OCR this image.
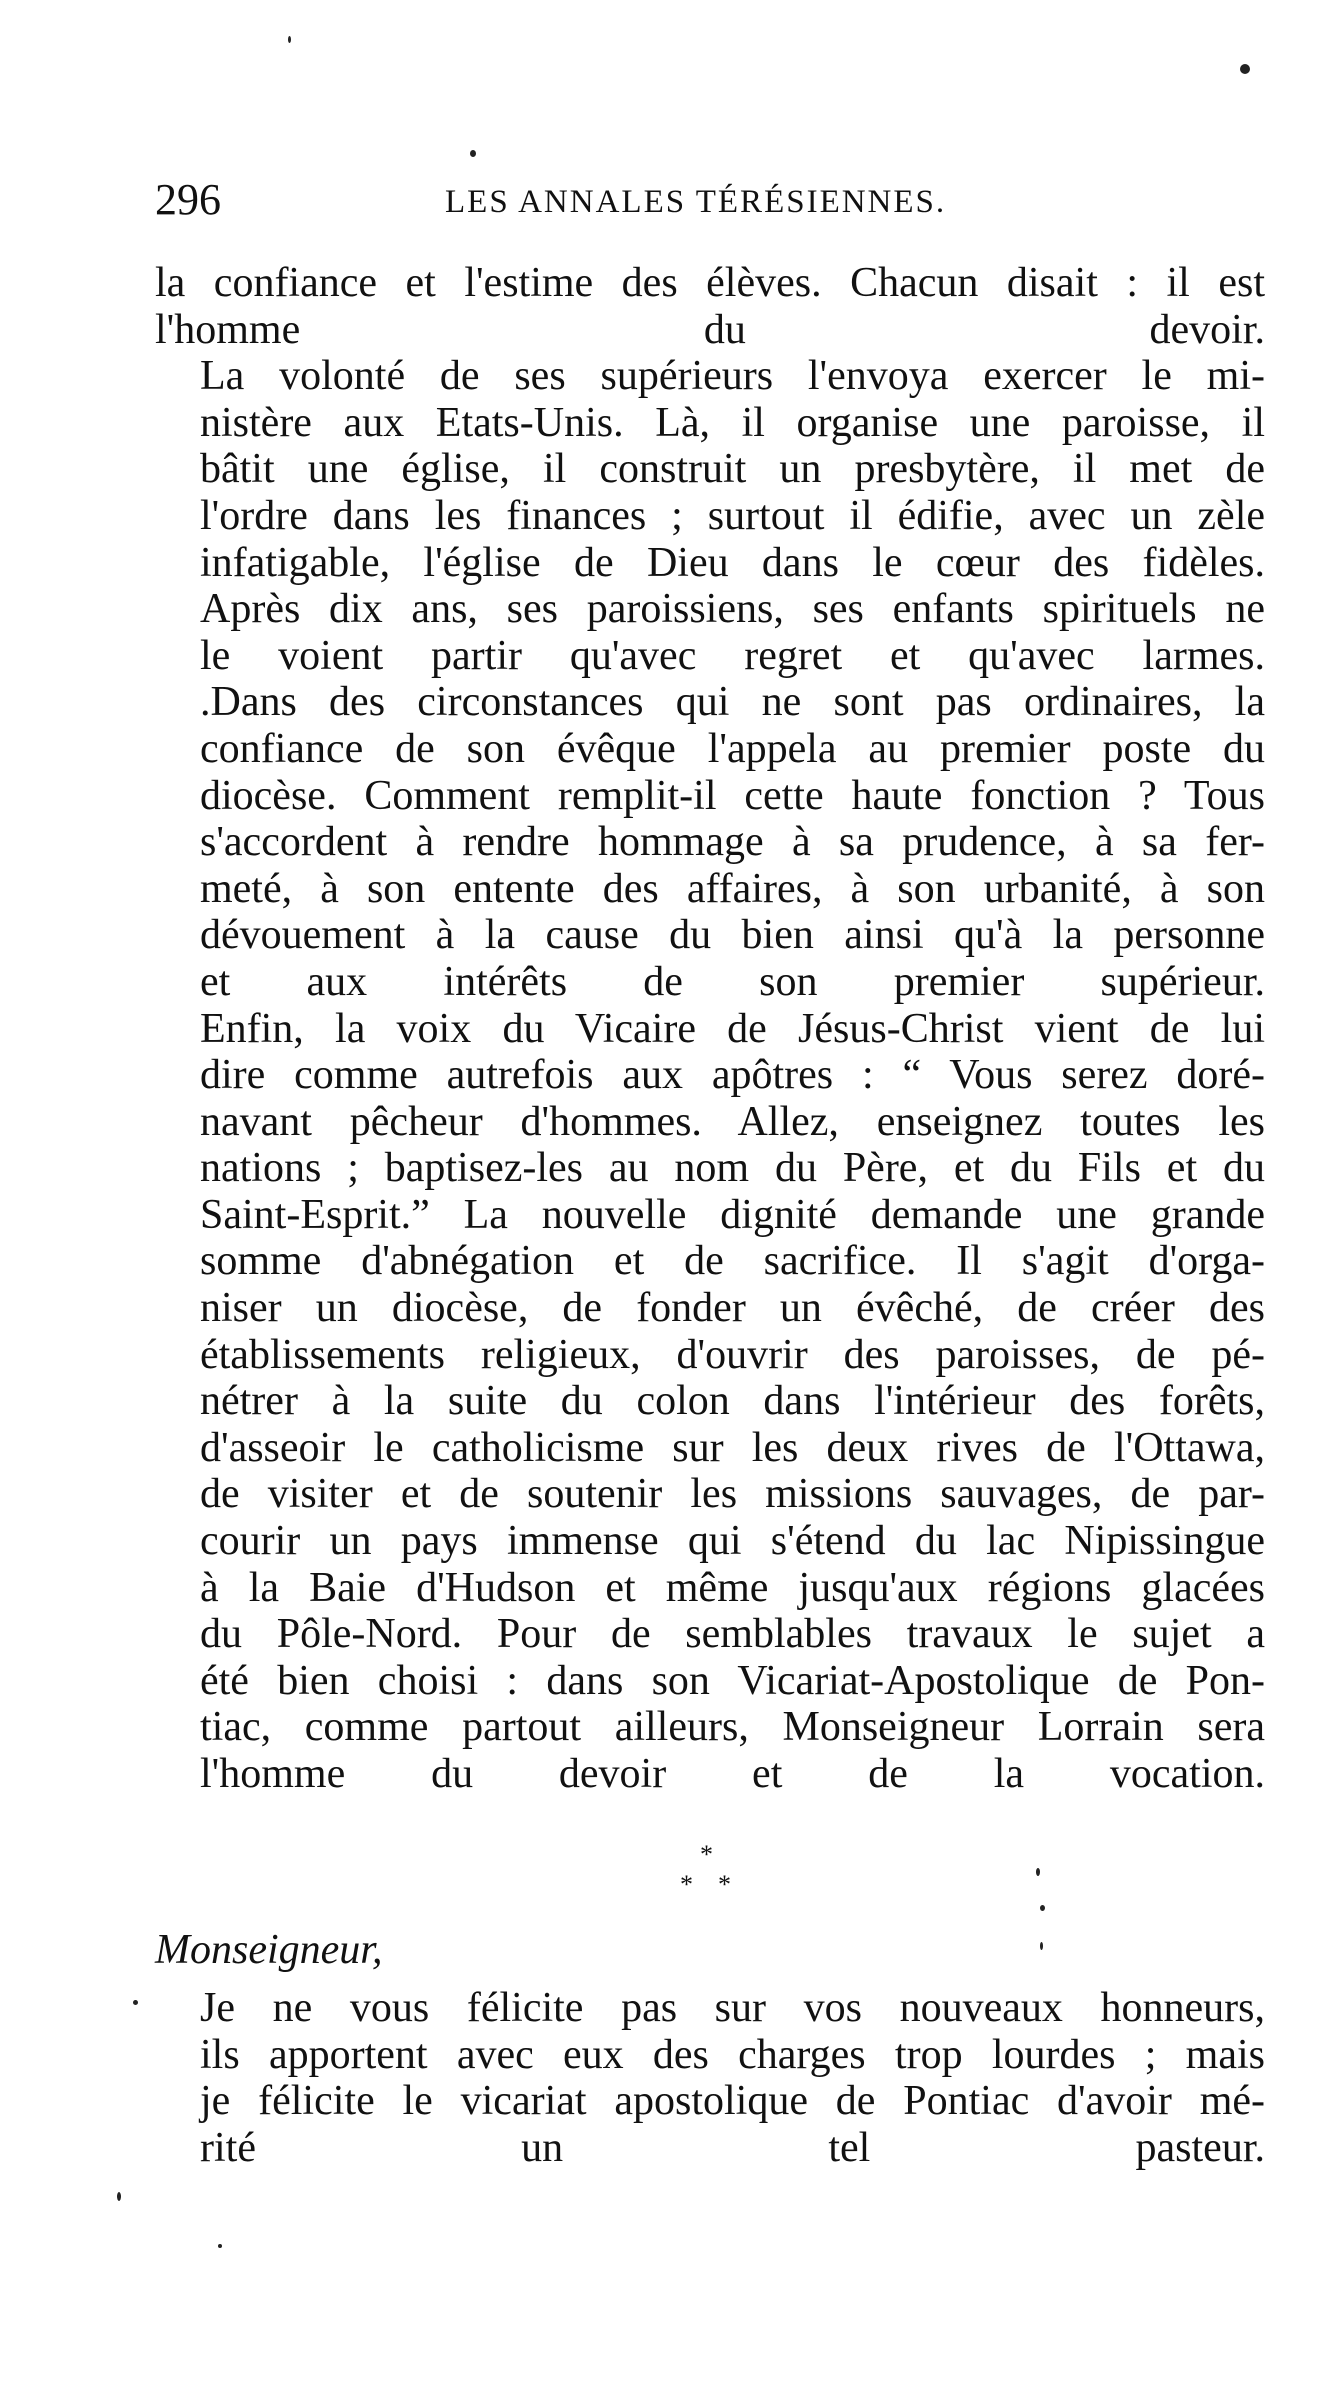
296	LES ANNALES TÉRÉSIENNES.

la confiance et l'estime des élèves. Chacun disait : il est
l'homme du devoir.

La volonté de ses supérieurs l'envoya exercer le mi-
nistère aux Etats-Unis. Là, il organise une paroisse, il
bâtit une église, il construit un presbytère, il met de
l'ordre dans les finances ; surtout il édifie, avec un zèle
infatigable, l'église de Dieu dans le cœur des fidèles.
Après dix ans, ses paroissiens, ses enfants spirituels ne
le voient partir qu'avec regret et qu'avec larmes.

.Dans des circonstances qui ne sont pas ordinaires, la
confiance de son évêque l'appela au premier poste du
diocèse. Comment remplit-il cette haute fonction ? Tous
s'accordent à rendre hommage à sa prudence, à sa fer-
meté, à son entente des affaires, à son urbanité, à son
dévouement à la cause du bien ainsi qu'à la personne
et aux intérêts de son premier supérieur.

Enfin, la voix du Vicaire de Jésus-Christ vient de lui
dire comme autrefois aux apôtres : “ Vous serez doré-
navant pêcheur d'hommes. Allez, enseignez toutes les
nations ; baptisez-les au nom du Père, et du Fils et du
Saint-Esprit.” La nouvelle dignité demande une grande
somme d'abnégation et de sacrifice. Il s'agit d'orga-
niser un diocèse, de fonder un évêché, de créer des
établissements religieux, d'ouvrir des paroisses, de pé-
nétrer à la suite du colon dans l'intérieur des forêts,
d'asseoir le catholicisme sur les deux rives de l'Ottawa,
de visiter et de soutenir les missions sauvages, de par-
courir un pays immense qui s'étend du lac Nipissingue
à la Baie d'Hudson et même jusqu'aux régions glacées
du Pôle-Nord. Pour de semblables travaux le sujet a
été bien choisi : dans son Vicariat-Apostolique de Pon-
tiac, comme partout ailleurs, Monseigneur Lorrain sera
l'homme du devoir et de la vocation.

*
* *
Monseigneur,

Je ne vous félicite pas sur vos nouveaux honneurs,
ils apportent avec eux des charges trop lourdes ; mais
je félicite le vicariat apostolique de Pontiac d'avoir mé-
rité un tel pasteur.
